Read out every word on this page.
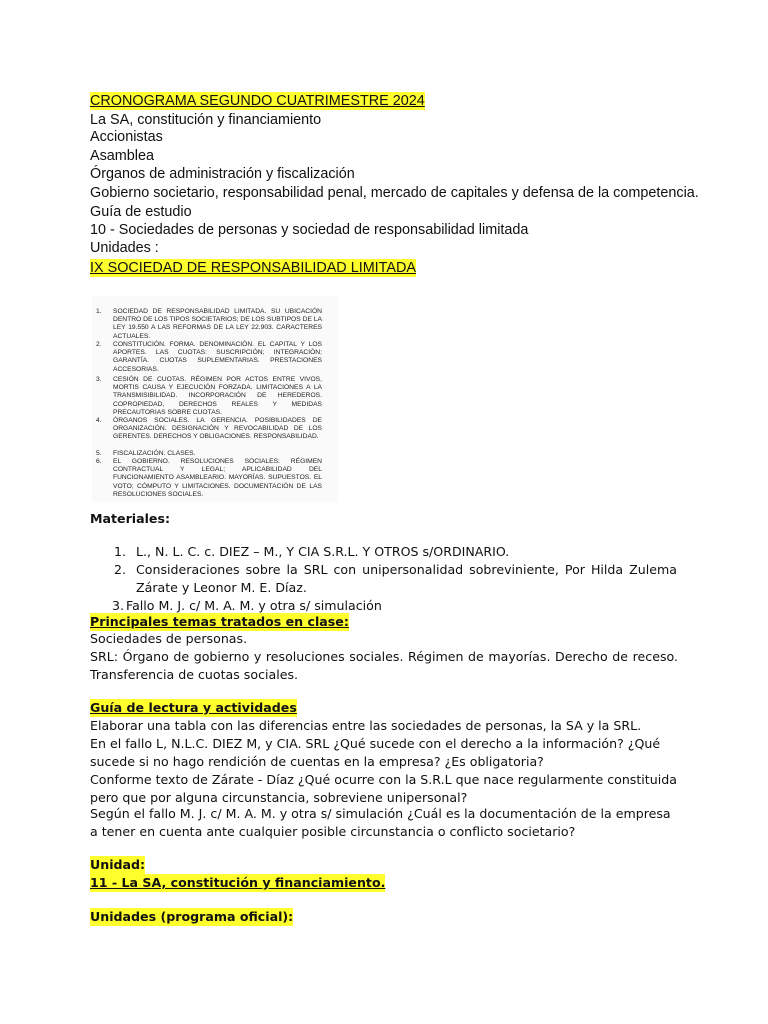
CRONOGRAMA SEGUNDO CUATRIMESTRE 2024
La SA, constitución y financiamiento
Accionistas
Asamblea
Órganos de administración y fiscalización
Gobierno societario, responsabilidad penal, mercado de capitales y defensa de la competencia.
Guía de estudio
10 - Sociedades de personas y sociedad de responsabilidad limitada
Unidades :
IX SOCIEDAD DE RESPONSABILIDAD LIMITADA
1. SOCIEDAD DE RESPONSABILIDAD LIMITADA. SU UBICACIÓN DENTRO DE LOS TIPOS SOCIETARIOS; DE LOS SUBTIPOS DE LA LEY 19.550 A LAS REFORMAS DE LA LEY 22.903. CARACTERES ACTUALES.
2. CONSTITUCIÓN. FORMA. DENOMINACIÓN. EL CAPITAL Y LOS APORTES. LAS CUOTAS: SUSCRIPCIÓN; INTEGRACIÓN; GARANTÍA. CUOTAS SUPLEMENTARIAS. PRESTACIONES ACCESORIAS.
3. CESIÓN DE CUOTAS. RÉGIMEN POR ACTOS ENTRE VIVOS, MORTIS CAUSA Y EJECUCIÓN FORZADA. LIMITACIONES A LA TRANSMISIBILIDAD. INCORPORACIÓN DE HEREDEROS. COPROPIEDAD, DERECHOS REALES Y MEDIDAS PRECAUTORIAS SOBRE CUOTAS.
4. ÓRGANOS SOCIALES. LA GERENCIA. POSIBILIDADES DE ORGANIZACIÓN. DESIGNACIÓN Y REVOCABILIDAD DE LOS GERENTES. DERECHOS Y OBLIGACIONES. RESPONSABILIDAD.
5. FISCALIZACIÓN. CLASES.
6. EL GOBIERNO. RESOLUCIONES SOCIALES: RÉGIMEN CONTRACTUAL Y LEGAL; APLICABILIDAD DEL FUNCIONAMIENTO ASAMBLEARIO. MAYORÍAS. SUPUESTOS. EL VOTO; CÓMPUTO Y LIMITACIONES. DOCUMENTACIÓN DE LAS RESOLUCIONES SOCIALES.
Materiales:
1. L., N. L. C. c. DIEZ – M., Y CIA S.R.L. Y OTROS s/ORDINARIO.
2. Consideraciones sobre la SRL con unipersonalidad sobreviniente, Por Hilda Zulema Zárate y Leonor M. E. Díaz.
3. Fallo M. J. c/ M. A. M. y otra s/ simulación
Principales temas tratados en clase:
Sociedades de personas.
SRL: Órgano de gobierno y resoluciones sociales. Régimen de mayorías. Derecho de receso. Transferencia de cuotas sociales.
Guía de lectura y actividades
Elaborar una tabla con las diferencias entre las sociedades de personas, la SA y la SRL.
En el fallo L, N.L.C. DIEZ M, y CIA. SRL ¿Qué sucede con el derecho a la información? ¿Qué sucede si no hago rendición de cuentas en la empresa? ¿Es obligatoria?
Conforme texto de Zárate - Díaz ¿Qué ocurre con la S.R.L que nace regularmente constituida pero que por alguna circunstancia, sobreviene unipersonal?
Según el fallo M. J. c/ M. A. M. y otra s/ simulación ¿Cuál es la documentación de la empresa a tener en cuenta ante cualquier posible circunstancia o conflicto societario?
Unidad:
11 - La SA, constitución y financiamiento.
Unidades (programa oficial):
